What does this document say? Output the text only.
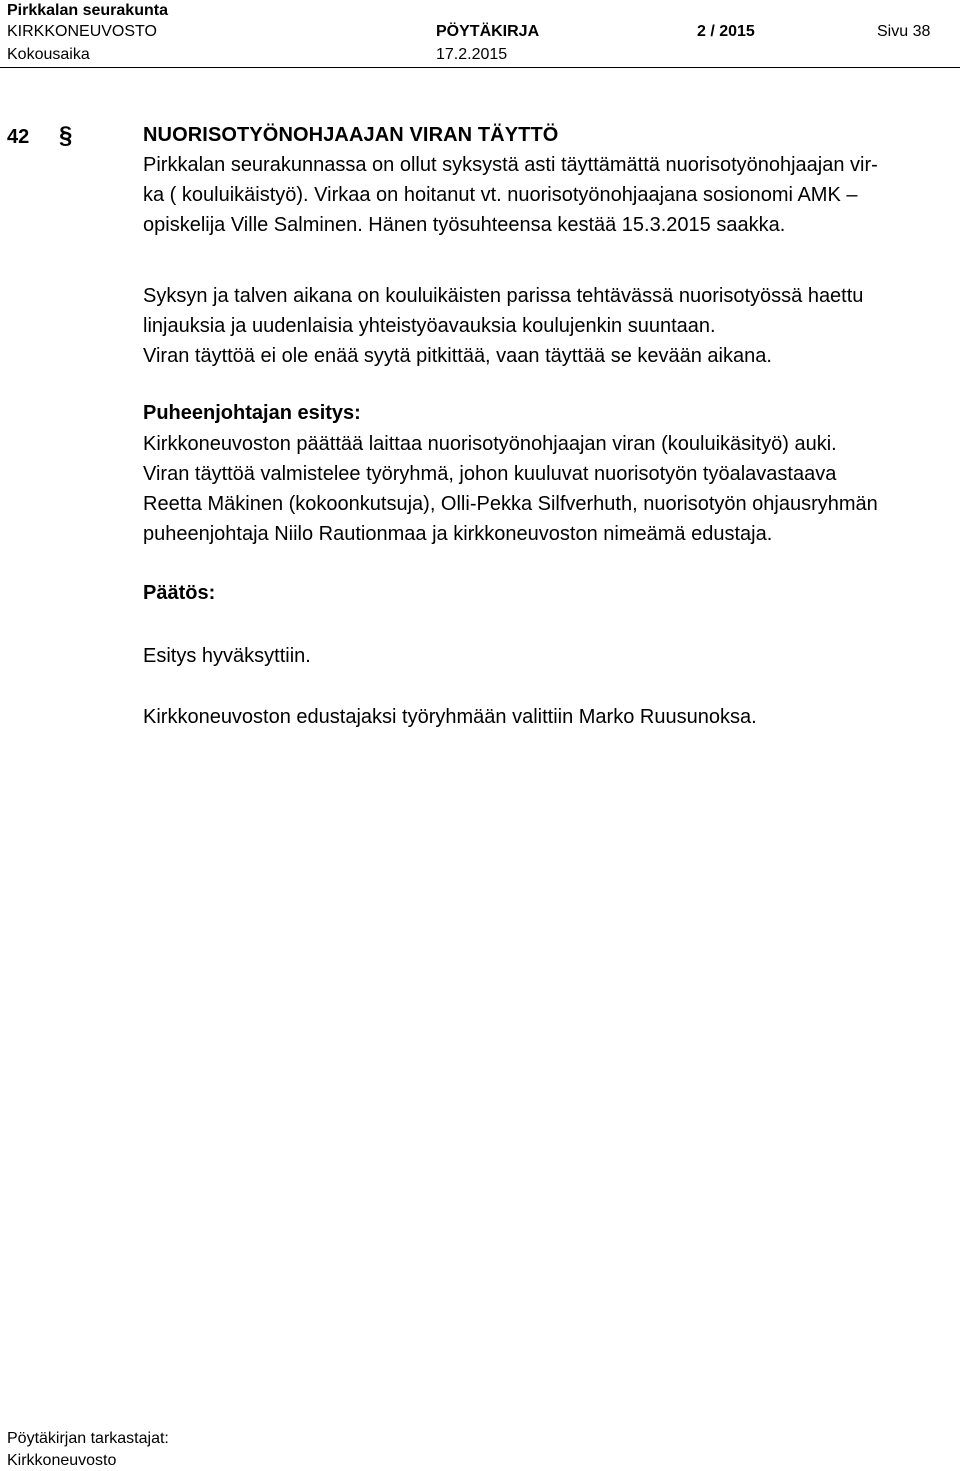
Pirkkalan seurakunta
KIRKKONEUVOSTO	PÖYTÄKIRJA	2 / 2015	Sivu 38
Kokousaika	17.2.2015
42 §	NUORISOTYÖNOHJAAJAN VIRAN TÄYTTÖ
Pirkkalan seurakunnassa on ollut syksystä asti täyttämättä nuorisotyönohjaajan vir-
ka ( kouluikäistyö). Virkaa on hoitanut vt. nuorisotyönohjaajana sosionomi AMK –
opiskelija Ville Salminen. Hänen työsuhteensa kestää 15.3.2015 saakka.
Syksyn ja talven aikana on kouluikäisten parissa tehtävässä nuorisotyössä haettu
linjauksia ja uudenlaisia yhteistyöavauksia koulujenkin suuntaan.
Viran täyttöä ei ole enää syytä pitkittää, vaan täyttää se kevään aikana.
Puheenjohtajan esitys:
Kirkkoneuvoston päättää laittaa nuorisotyönohjaajan viran (kouluikäsityö) auki.
Viran täyttöä valmistelee työryhmä, johon kuuluvat nuorisotyön työalavastaava
Reetta Mäkinen (kokoonkutsuja), Olli-Pekka Silfverhuth, nuorisotyön ohjausryhmän
puheenjohtaja Niilo Rautionmaa ja kirkkoneuvoston nimeämä edustaja.
Päätös:
Esitys hyväksyttiin.
Kirkkoneuvoston edustajaksi työryhmään valittiin Marko Ruusunoksa.
Pöytäkirjan tarkastajat:
Kirkkoneuvosto
